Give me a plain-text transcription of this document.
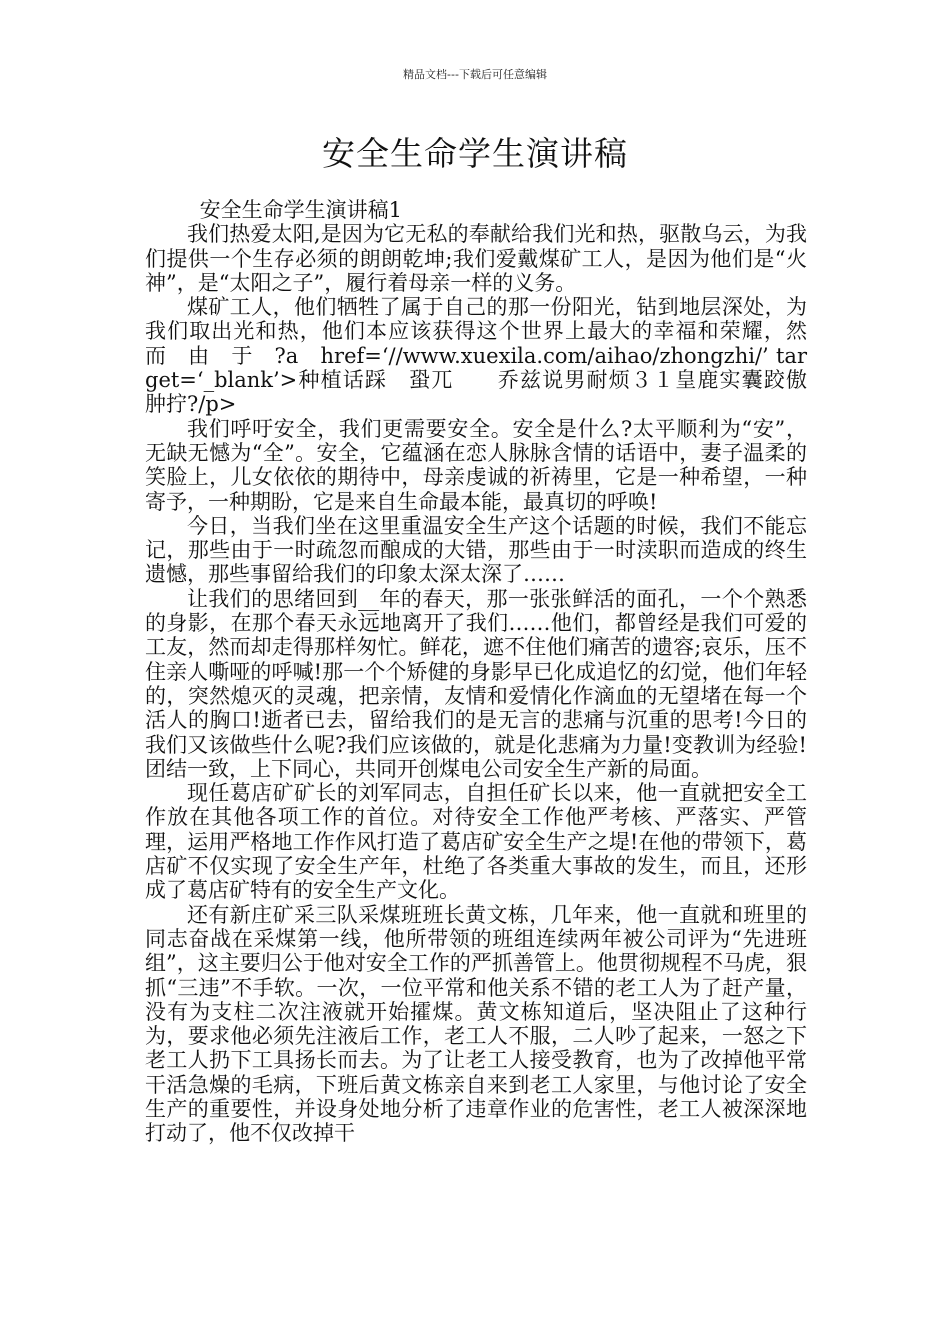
精品文档---下载后可任意编辑
安全生命学生演讲稿

安全生命学生演讲稿1

我们热爱太阳,是因为它无私的奉献给我们光和热，驱散乌云，为我们提供一个生存必须的朗朗乾坤;我们爱戴煤矿工人，是因为他们是“火神”，是“太阳之子”，履行着母亲一样的义务。

煤矿工人，他们牺牲了属于自己的那一份阳光，钻到地层深处，为我们取出光和热，他们本应该获得这个世界上最大的幸福和荣耀，然　而　由　于　?a　href=‘//www.xuexila.com/aihao/zhongzhi/’ target=‘_blank’>种植话踩　蛩兀　　乔兹说男耐烦３１皇鹿实囊跤傲　肿拧?/p>

我们呼吁安全，我们更需要安全。安全是什么?太平顺利为“安”，无缺无憾为“全”。安全，它蕴涵在恋人脉脉含情的话语中，妻子温柔的笑脸上，儿女依依的期待中，母亲虔诚的祈祷里，它是一种希望，一种寄予，一种期盼，它是来自生命最本能，最真切的呼唤!

今日，当我们坐在这里重温安全生产这个话题的时候，我们不能忘记，那些由于一时疏忽而酿成的大错，那些由于一时渎职而造成的终生遗憾，那些事留给我们的印象太深太深了……

让我们的思绪回到__年的春天，那一张张鲜活的面孔，一个个熟悉的身影，在那个春天永远地离开了我们……他们，都曾经是我们可爱的工友，然而却走得那样匆忙。鲜花，遮不住他们痛苦的遗容;哀乐，压不住亲人嘶哑的呼喊!那一个个矫健的身影早已化成追忆的幻觉，他们年轻的，突然熄灭的灵魂，把亲情，友情和爱情化作滴血的无望堵在每一个活人的胸口!逝者已去，留给我们的是无言的悲痛与沉重的思考!今日的我们又该做些什么呢?我们应该做的，就是化悲痛为力量!变教训为经验!团结一致，上下同心，共同开创煤电公司安全生产新的局面。

现任葛店矿矿长的刘军同志，自担任矿长以来，他一直就把安全工作放在其他各项工作的首位。对待安全工作他严考核、严落实、严管理，运用严格地工作作风打造了葛店矿安全生产之堤!在他的带领下，葛店矿不仅实现了安全生产年，杜绝了各类重大事故的发生，而且，还形成了葛店矿特有的安全生产文化。

还有新庄矿采三队采煤班班长黄文栋，几年来，他一直就和班里的同志奋战在采煤第一线，他所带领的班组连续两年被公司评为“先进班组”，这主要归公于他对安全工作的严抓善管上。他贯彻规程不马虎，狠抓“三违”不手软。一次，一位平常和他关系不错的老工人为了赶产量，没有为支柱二次注液就开始攉煤。黄文栋知道后，坚决阻止了这种行为，要求他必须先注液后工作，老工人不服，二人吵了起来，一怒之下老工人扔下工具扬长而去。为了让老工人接受教育，也为了改掉他平常干活急燥的毛病，下班后黄文栋亲自来到老工人家里，与他讨论了安全生产的重要性，并设身处地分析了违章作业的危害性，老工人被深深地打动了，他不仅改掉干
